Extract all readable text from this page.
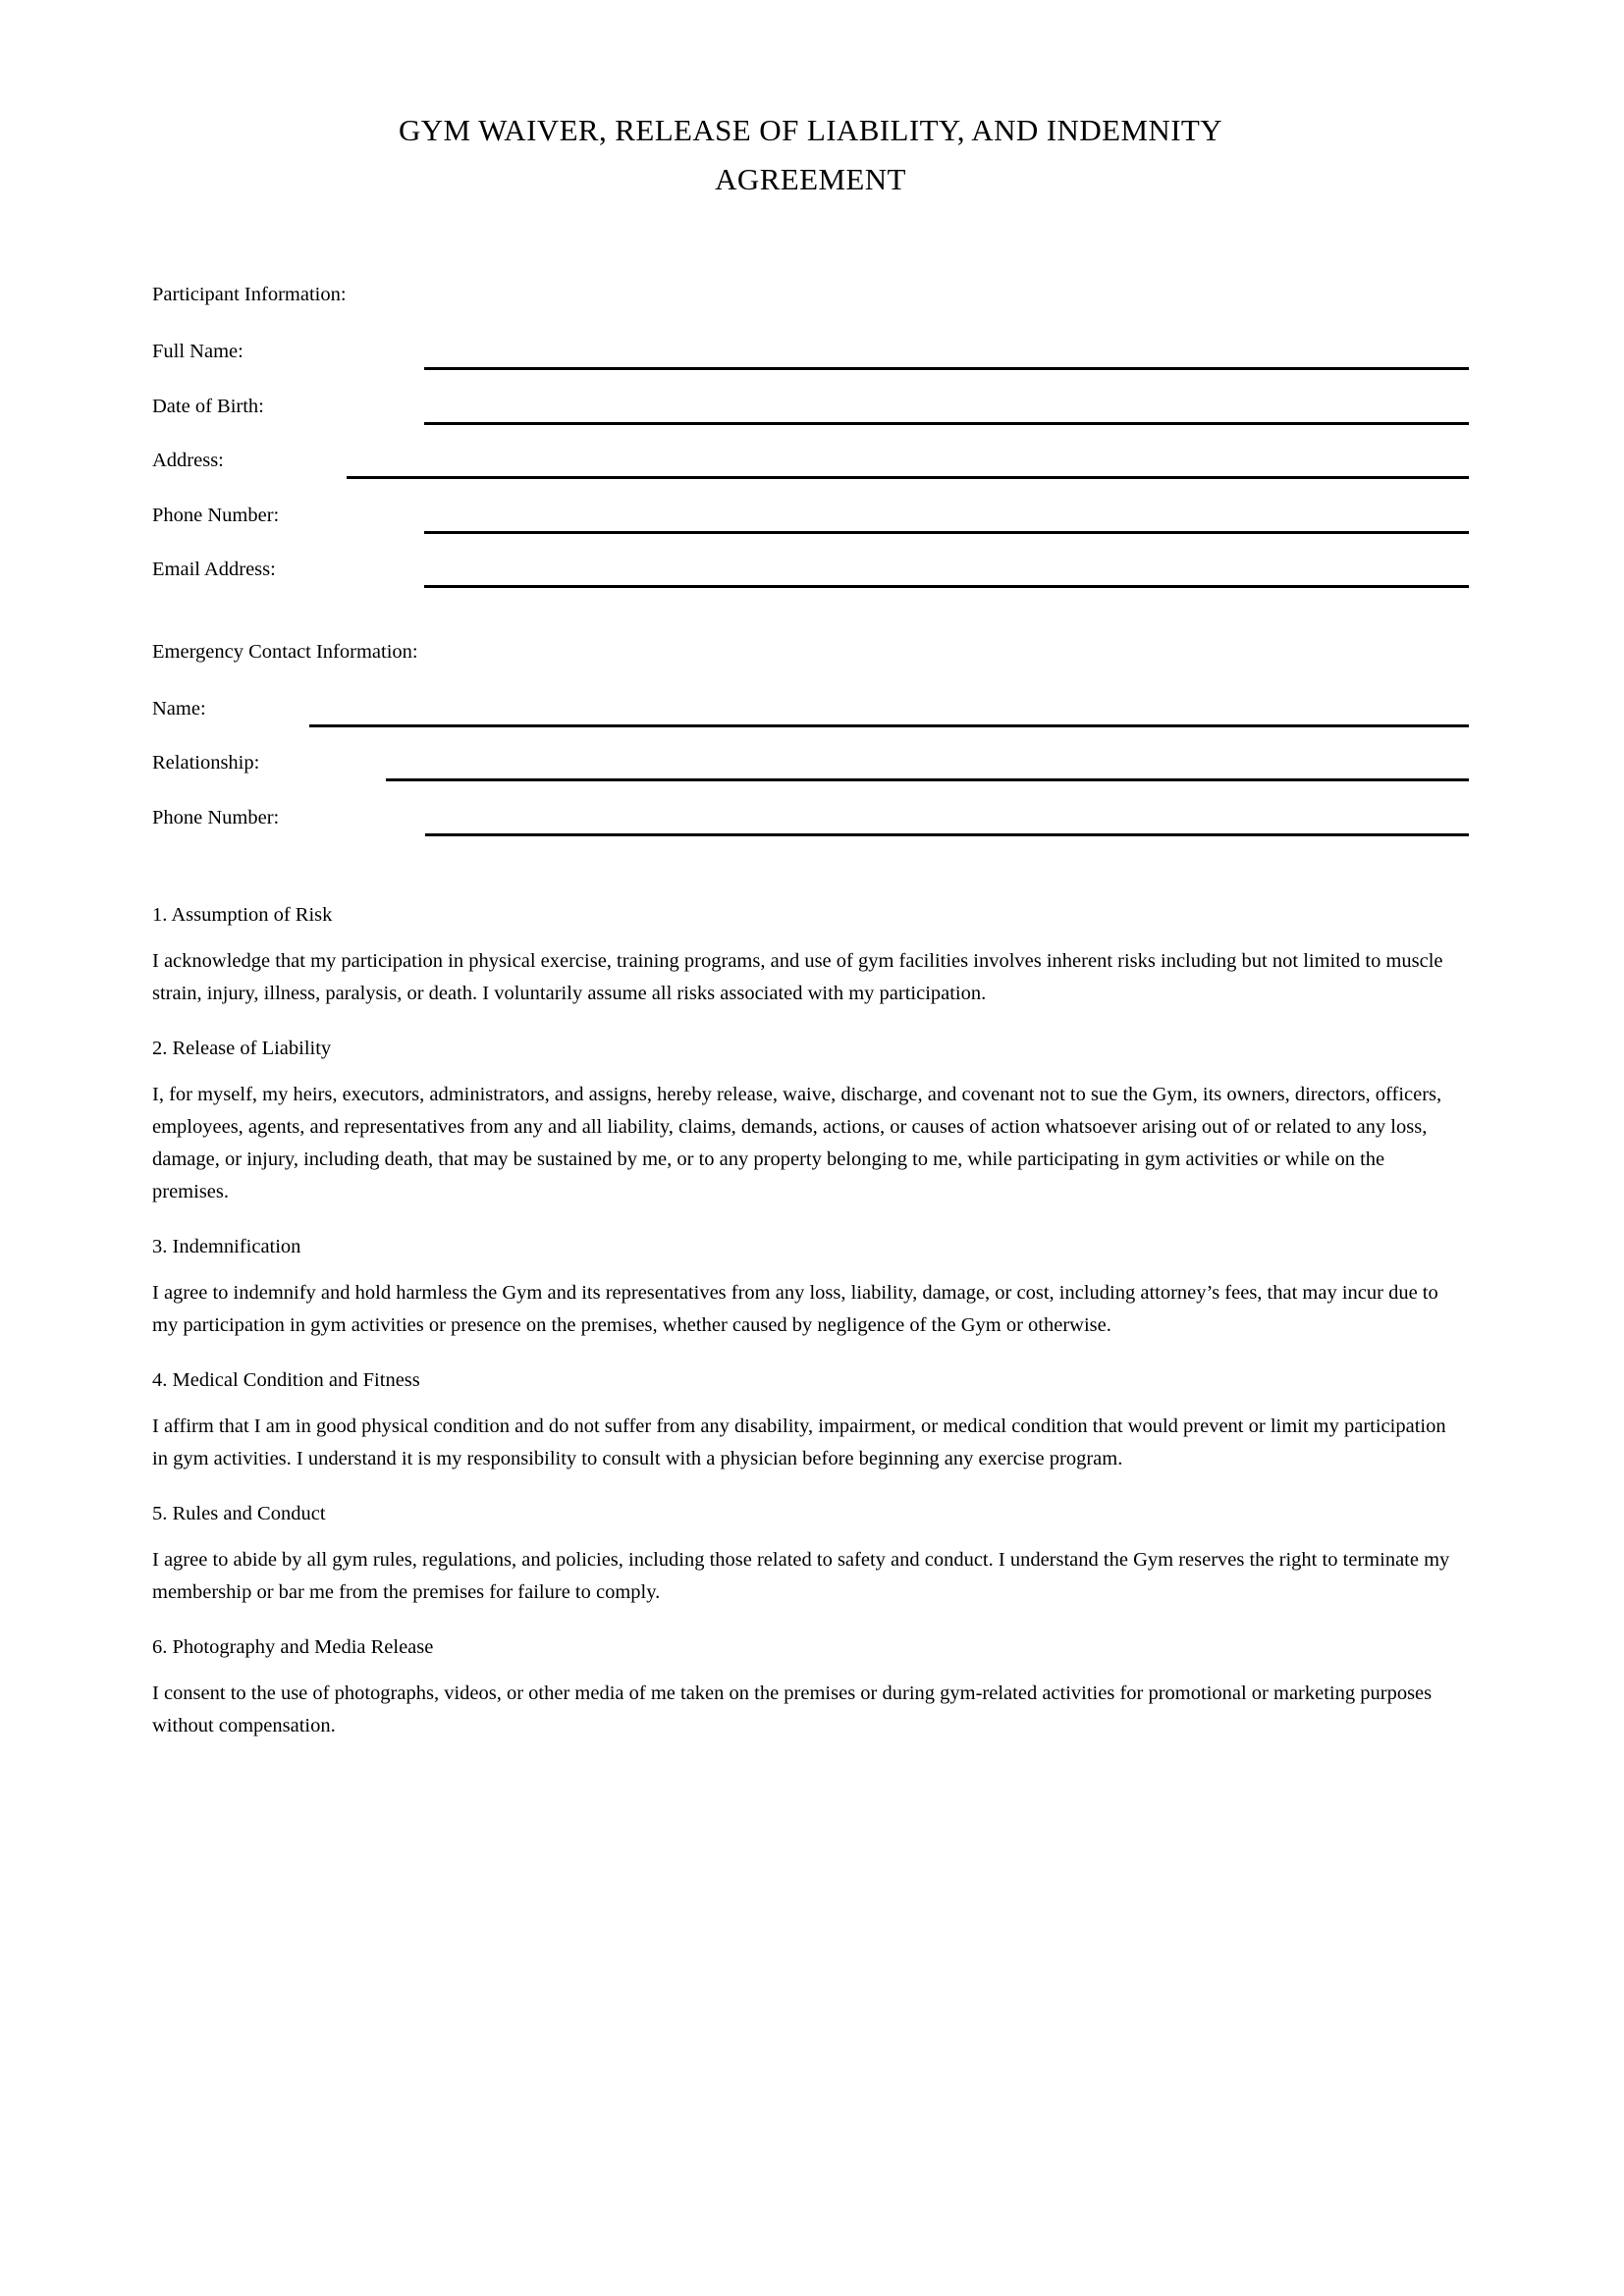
GYM WAIVER, RELEASE OF LIABILITY, AND INDEMNITY
AGREEMENT
Participant Information:
Full Name:
Date of Birth:
Address:
Phone Number:
Email Address:
Emergency Contact Information:
Name:
Relationship:
Phone Number:
1. Assumption of Risk

I acknowledge that my participation in physical exercise, training programs, and use of gym facilities involves inherent risks including but not limited to muscle strain, injury, illness, paralysis, or death. I voluntarily assume all risks associated with my participation.

2. Release of Liability

I, for myself, my heirs, executors, administrators, and assigns, hereby release, waive, discharge, and covenant not to sue the Gym, its owners, directors, officers, employees, agents, and representatives from any and all liability, claims, demands, actions, or causes of action whatsoever arising out of or related to any loss, damage, or injury, including death, that may be sustained by me, or to any property belonging to me, while participating in gym activities or while on the premises.

3. Indemnification

I agree to indemnify and hold harmless the Gym and its representatives from any loss, liability, damage, or cost, including attorney’s fees, that may incur due to my participation in gym activities or presence on the premises, whether caused by negligence of the Gym or otherwise.

4. Medical Condition and Fitness

I affirm that I am in good physical condition and do not suffer from any disability, impairment, or medical condition that would prevent or limit my participation in gym activities. I understand it is my responsibility to consult with a physician before beginning any exercise program.

5. Rules and Conduct

I agree to abide by all gym rules, regulations, and policies, including those related to safety and conduct. I understand the Gym reserves the right to terminate my membership or bar me from the premises for failure to comply.

6. Photography and Media Release

I consent to the use of photographs, videos, or other media of me taken on the premises or during gym-related activities for promotional or marketing purposes without compensation.
